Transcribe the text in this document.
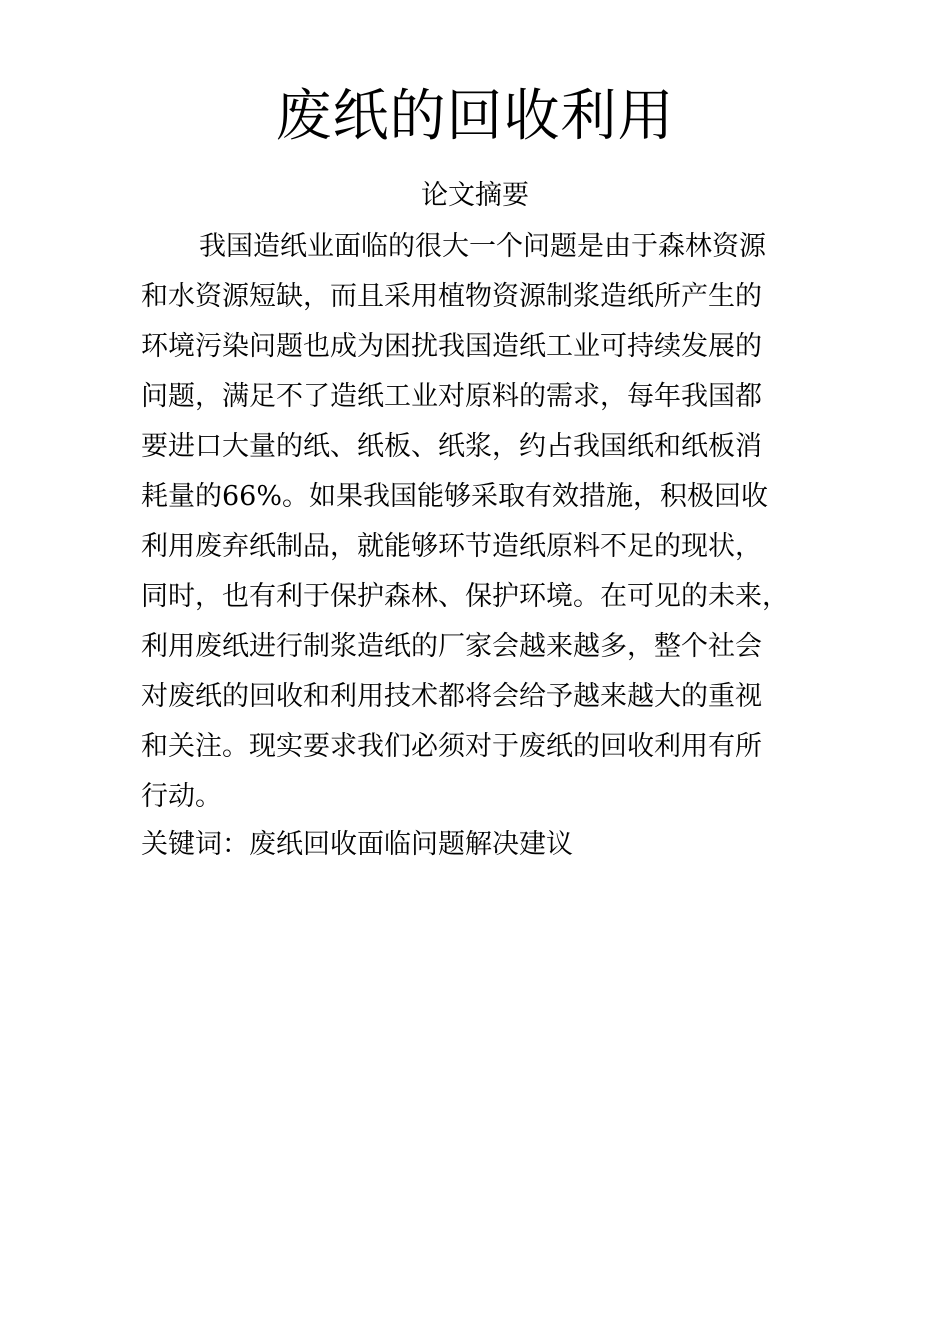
废纸的回收利用
论文摘要
我国造纸业面临的很大一个问题是由于森林资源
和水资源短缺，而且采用植物资源制浆造纸所产生的
环境污染问题也成为困扰我国造纸工业可持续发展的
问题，满足不了造纸工业对原料的需求，每年我国都
要进口大量的纸、纸板、纸浆，约占我国纸和纸板消
耗量的66%。如果我国能够采取有效措施，积极回收
利用废弃纸制品，就能够环节造纸原料不足的现状，
同时，也有利于保护森林、保护环境。在可见的未来，
利用废纸进行制浆造纸的厂家会越来越多，整个社会
对废纸的回收和利用技术都将会给予越来越大的重视
和关注。现实要求我们必须对于废纸的回收利用有所
行动。
关键词：废纸回收面临问题解决建议
